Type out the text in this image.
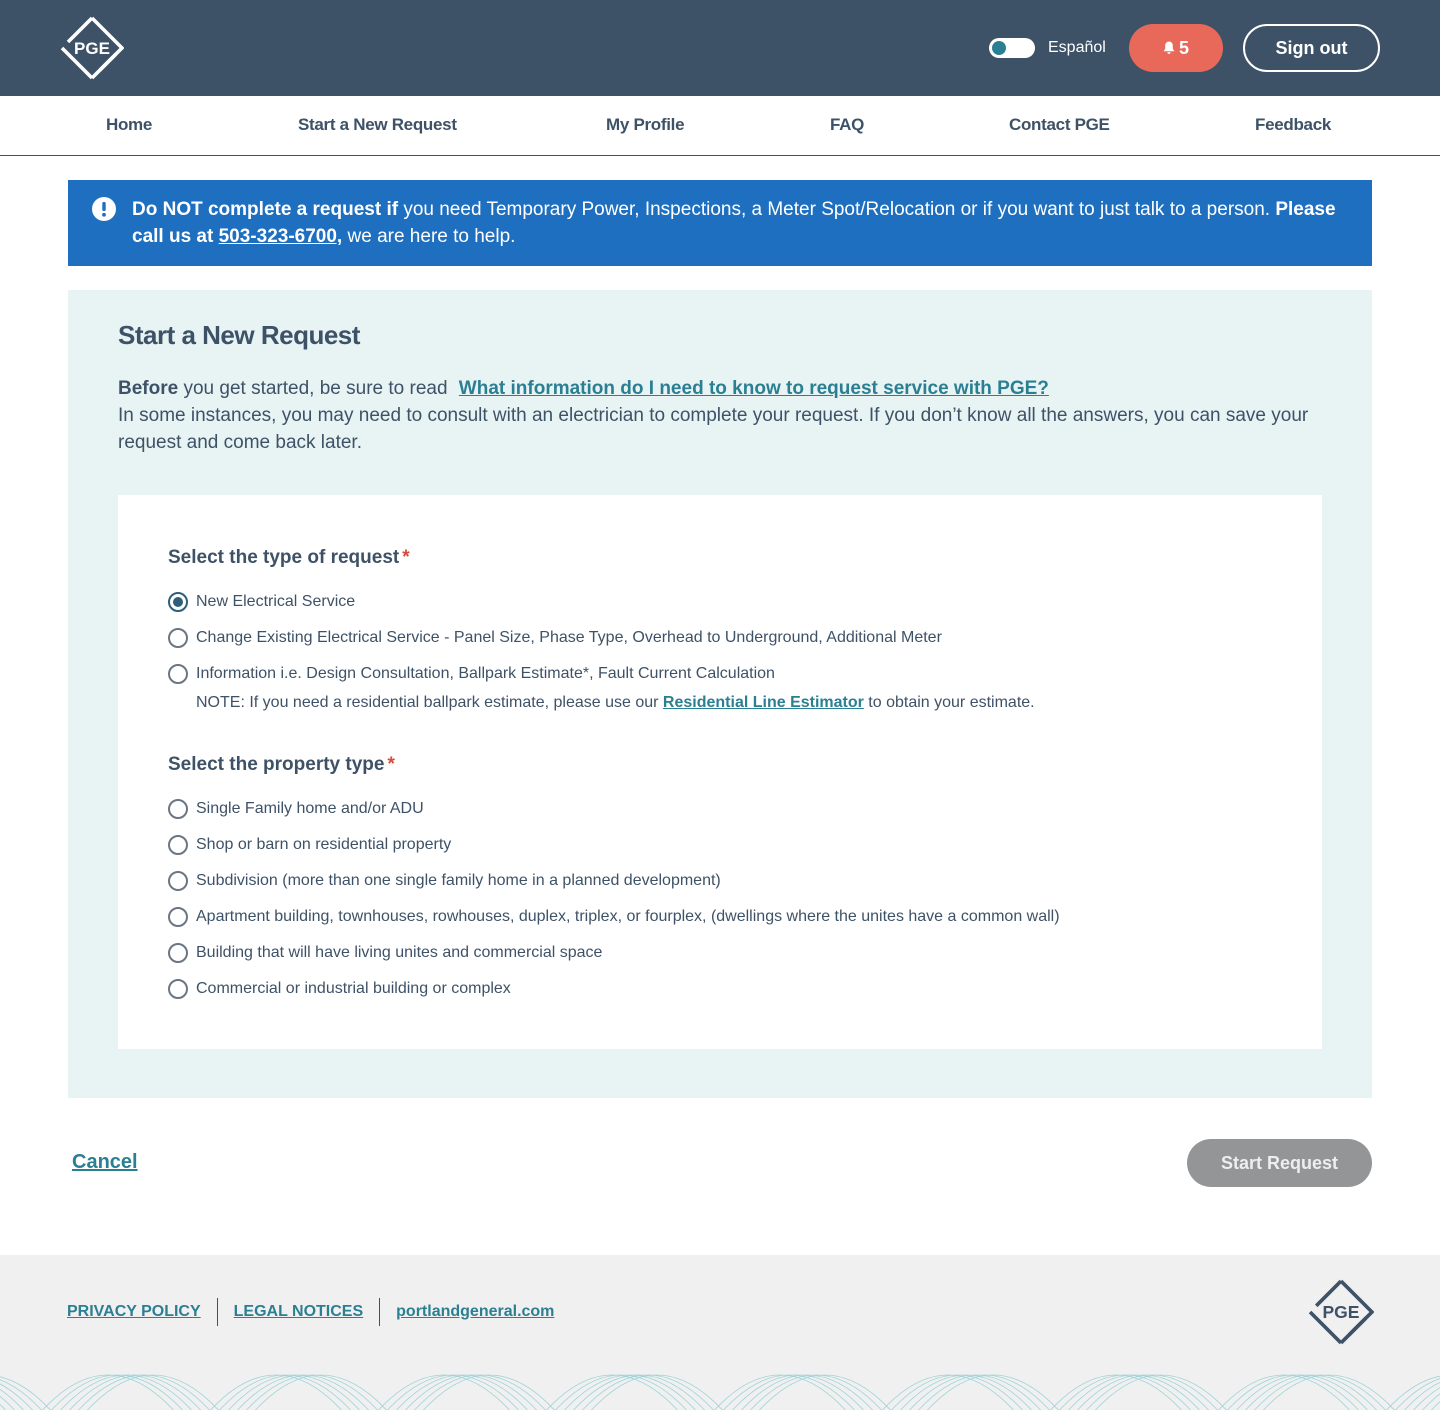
PGE	Español	5	Sign out
Home	Start a New Request	My Profile	FAQ	Contact PGE	Feedback
Do NOT complete a request if you need Temporary Power, Inspections, a Meter Spot/Relocation or if you want to just talk to a person. Please call us at 503-323-6700, we are here to help.
Start a New Request
Before you get started, be sure to read What information do I need to know to request service with PGE?
In some instances, you may need to consult with an electrician to complete your request. If you don’t know all the answers, you can save your request and come back later.
Select the type of request *
New Electrical Service
Change Existing Electrical Service - Panel Size, Phase Type, Overhead to Underground, Additional Meter
Information i.e. Design Consultation, Ballpark Estimate*, Fault Current Calculation
NOTE: If you need a residential ballpark estimate, please use our Residential Line Estimator to obtain your estimate.
Select the property type *
Single Family home and/or ADU
Shop or barn on residential property
Subdivision (more than one single family home in a planned development)
Apartment building, townhouses, rowhouses, duplex, triplex, or fourplex, (dwellings where the unites have a common wall)
Building that will have living unites and commercial space
Commercial or industrial building or complex
Cancel	Start Request
PRIVACY POLICY LEGAL NOTICES portlandgeneral.com	PGE
